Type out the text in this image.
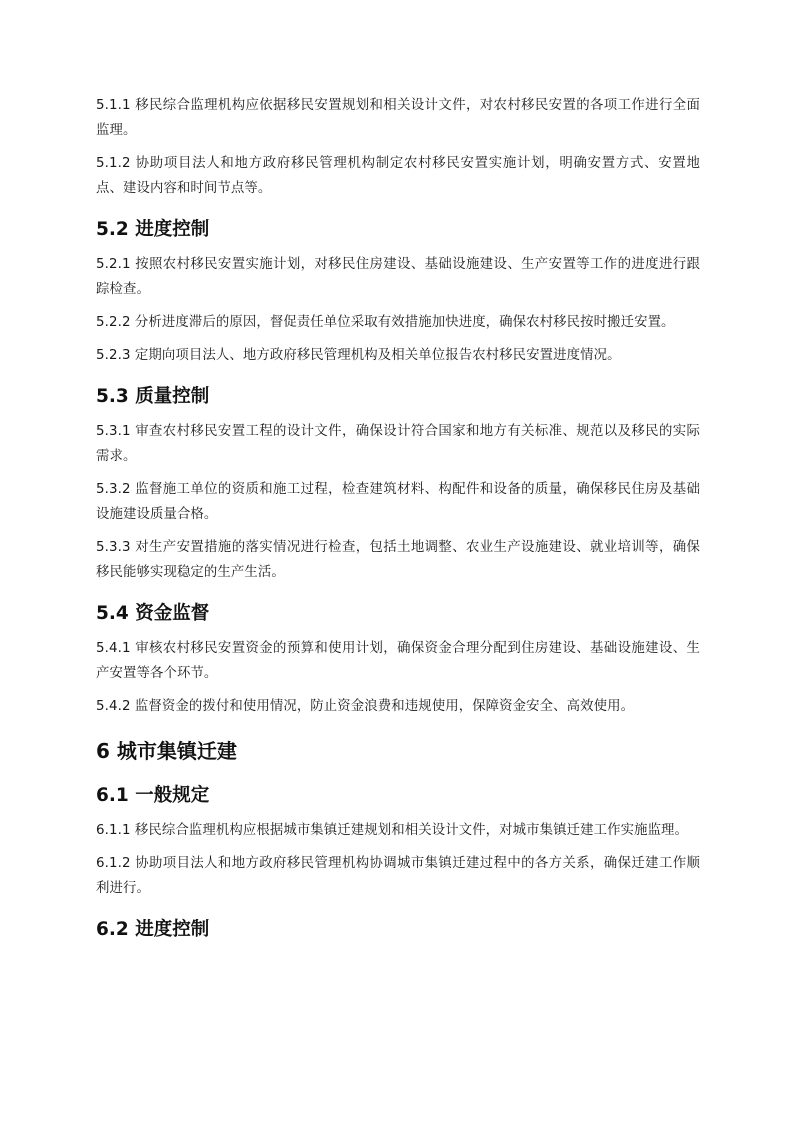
5.1.1 移民综合监理机构应依据移民安置规划和相关设计文件，对农村移民安置的各项工作进行全面监理。

5.1.2 协助项目法人和地方政府移民管理机构制定农村移民安置实施计划，明确安置方式、安置地点、建设内容和时间节点等。

5.2 进度控制

5.2.1 按照农村移民安置实施计划，对移民住房建设、基础设施建设、生产安置等工作的进度进行跟踪检查。

5.2.2 分析进度滞后的原因，督促责任单位采取有效措施加快进度，确保农村移民按时搬迁安置。

5.2.3 定期向项目法人、地方政府移民管理机构及相关单位报告农村移民安置进度情况。

5.3 质量控制

5.3.1 审查农村移民安置工程的设计文件，确保设计符合国家和地方有关标准、规范以及移民的实际需求。

5.3.2 监督施工单位的资质和施工过程，检查建筑材料、构配件和设备的质量，确保移民住房及基础设施建设质量合格。

5.3.3 对生产安置措施的落实情况进行检查，包括土地调整、农业生产设施建设、就业培训等，确保移民能够实现稳定的生产生活。

5.4 资金监督

5.4.1 审核农村移民安置资金的预算和使用计划，确保资金合理分配到住房建设、基础设施建设、生产安置等各个环节。

5.4.2 监督资金的拨付和使用情况，防止资金浪费和违规使用，保障资金安全、高效使用。

6 城市集镇迁建
6.1 一般规定

6.1.1 移民综合监理机构应根据城市集镇迁建规划和相关设计文件，对城市集镇迁建工作实施监理。

6.1.2 协助项目法人和地方政府移民管理机构协调城市集镇迁建过程中的各方关系，确保迁建工作顺利进行。

6.2 进度控制
